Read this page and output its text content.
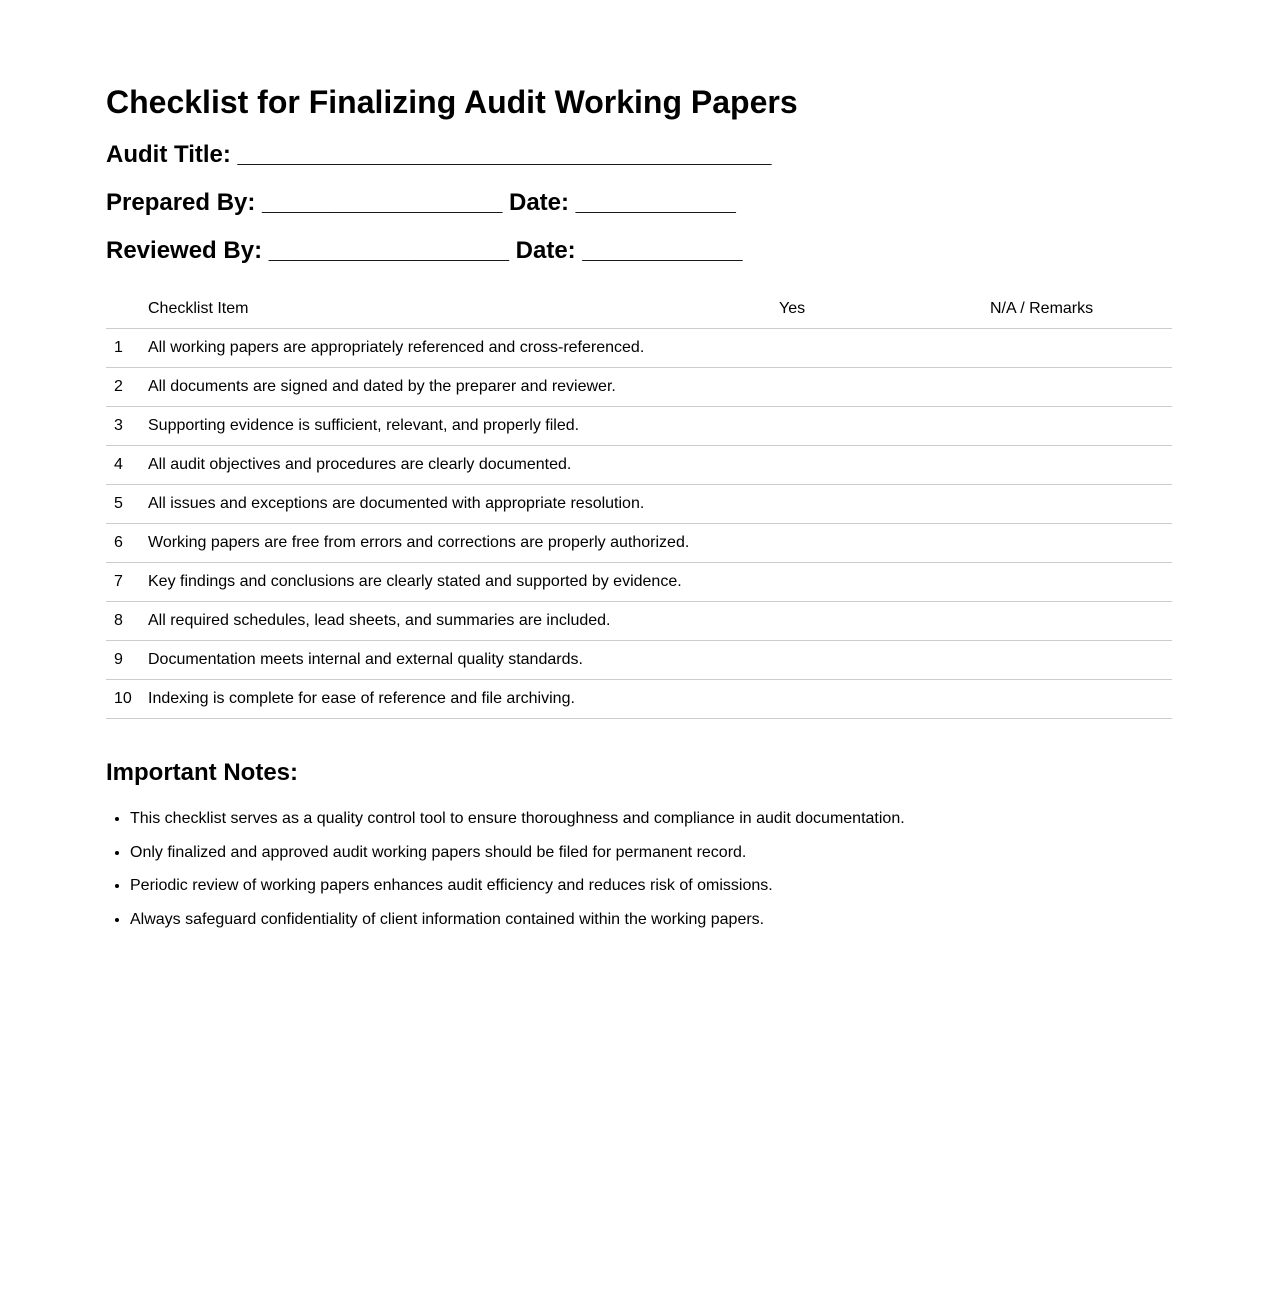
Checklist for Finalizing Audit Working Papers
Audit Title: ________________________________________
Prepared By: __________________ Date: ____________
Reviewed By: __________________ Date: ____________
	Checklist Item	Yes	N/A / Remarks
1	All working papers are appropriately referenced and cross-referenced.		
2	All documents are signed and dated by the preparer and reviewer.		
3	Supporting evidence is sufficient, relevant, and properly filed.		
4	All audit objectives and procedures are clearly documented.		
5	All issues and exceptions are documented with appropriate resolution.		
6	Working papers are free from errors and corrections are properly authorized.		
7	Key findings and conclusions are clearly stated and supported by evidence.		
8	All required schedules, lead sheets, and summaries are included.		
9	Documentation meets internal and external quality standards.		
10	Indexing is complete for ease of reference and file archiving.		
Important Notes:
• This checklist serves as a quality control tool to ensure thoroughness and compliance in audit documentation.
• Only finalized and approved audit working papers should be filed for permanent record.
• Periodic review of working papers enhances audit efficiency and reduces risk of omissions.
• Always safeguard confidentiality of client information contained within the working papers.
